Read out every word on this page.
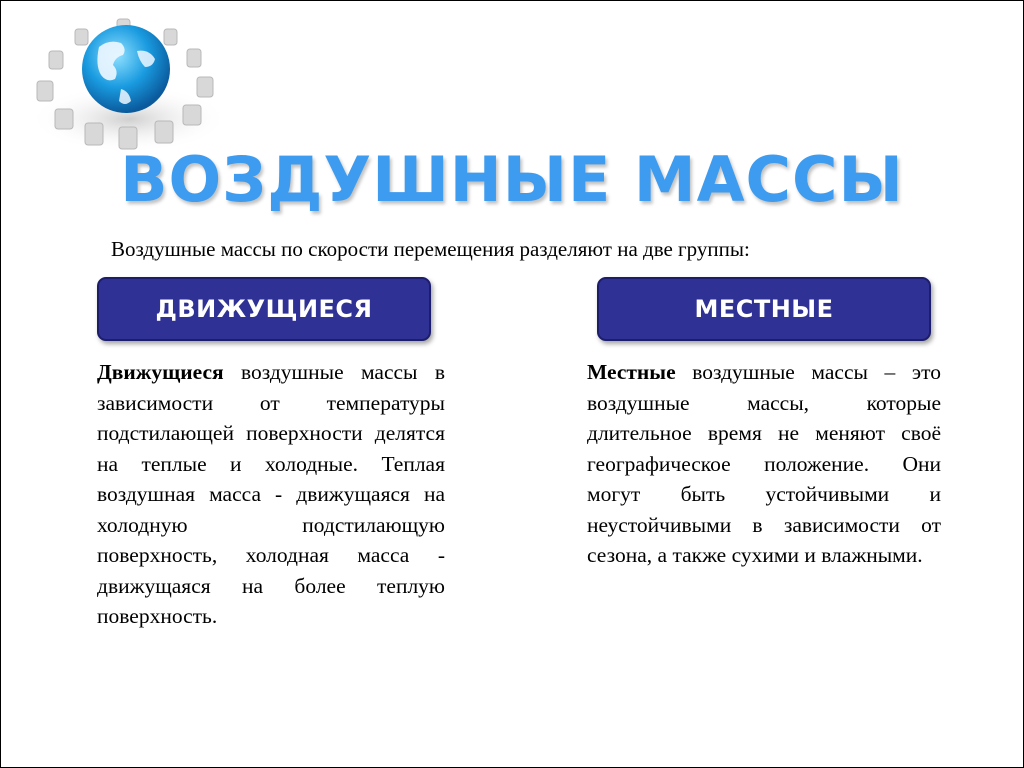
ВОЗДУШНЫЕ МАССЫ
Воздушные массы по скорости перемещения разделяют на две группы:
ДВИЖУЩИЕСЯ	МЕСТНЫЕ
Движущиеся воздушные массы в зависимости от температуры подстилающей поверхности делятся на теплые и холодные. Теплая воздушная масса - движущаяся на холодную подстилающую поверхность, холодная масса - движущаяся на более теплую поверхность.
Местные воздушные массы – это воздушные массы, которые длительное время не меняют своё географическое положение. Они могут быть устойчивыми и неустойчивыми в зависимости от сезона, а также сухими и влажными.
